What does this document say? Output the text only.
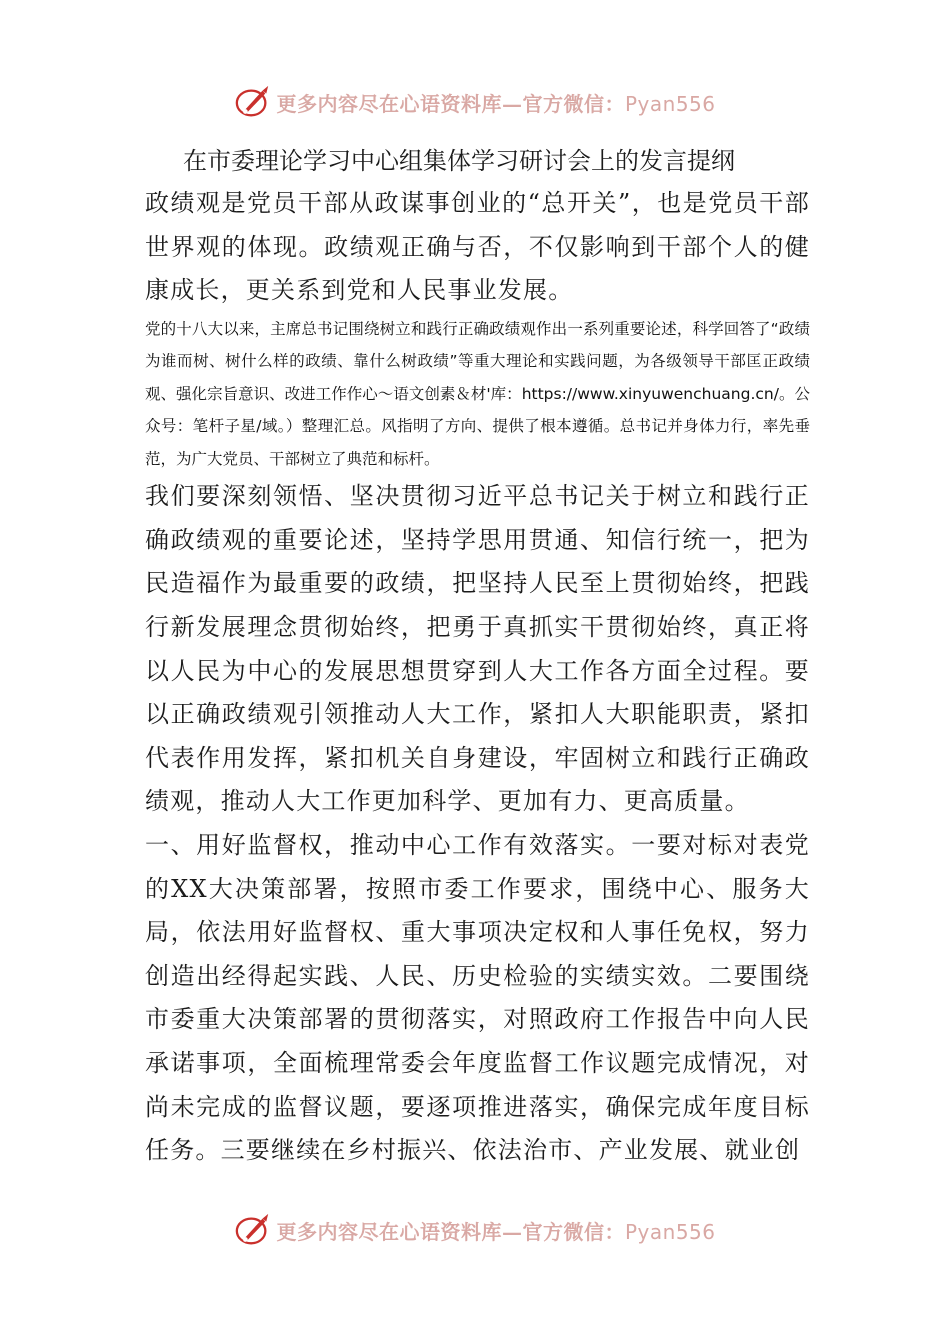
更多内容尽在心语资料库—官方微信：Pyan556

在市委理论学习中心组集体学习研讨会上的发言提纲

政绩观是党员干部从政谋事创业的“总开关”，也是党员干部世界观的体现。政绩观正确与否，不仅影响到干部个人的健康成长，更关系到党和人民事业发展。

党的十八大以来，主席总书记围绕树立和践行正确政绩观作出一系列重要论述，科学回答了“政绩为谁而树、树什么样的政绩、靠什么树政绩”等重大理论和实践问题，为各级领导干部匡正政绩观、强化宗旨意识、改进工作作心～语文创素＆材'库：https://www.xinyuwenchuang.cn/。公众号：笔杆子星/域。）整理汇总。风指明了方向、提供了根本遵循。总书记并身体力行，率先垂范，为广大党员、干部树立了典范和标杆。

我们要深刻领悟、坚决贯彻习近平总书记关于树立和践行正确政绩观的重要论述，坚持学思用贯通、知信行统一，把为民造福作为最重要的政绩，把坚持人民至上贯彻始终，把践行新发展理念贯彻始终，把勇于真抓实干贯彻始终，真正将以人民为中心的发展思想贯穿到人大工作各方面全过程。要以正确政绩观引领推动人大工作，紧扣人大职能职责，紧扣代表作用发挥，紧扣机关自身建设，牢固树立和践行正确政绩观，推动人大工作更加科学、更加有力、更高质量。

一、用好监督权，推动中心工作有效落实。一要对标对表党的XX大决策部署，按照市委工作要求，围绕中心、服务大局，依法用好监督权、重大事项决定权和人事任免权，努力创造出经得起实践、人民、历史检验的实绩实效。二要围绕市委重大决策部署的贯彻落实，对照政府工作报告中向人民承诺事项，全面梳理常委会年度监督工作议题完成情况，对尚未完成的监督议题，要逐项推进落实，确保完成年度目标任务。三要继续在乡村振兴、依法治市、产业发展、就业创

更多内容尽在心语资料库—官方微信：Pyan556
